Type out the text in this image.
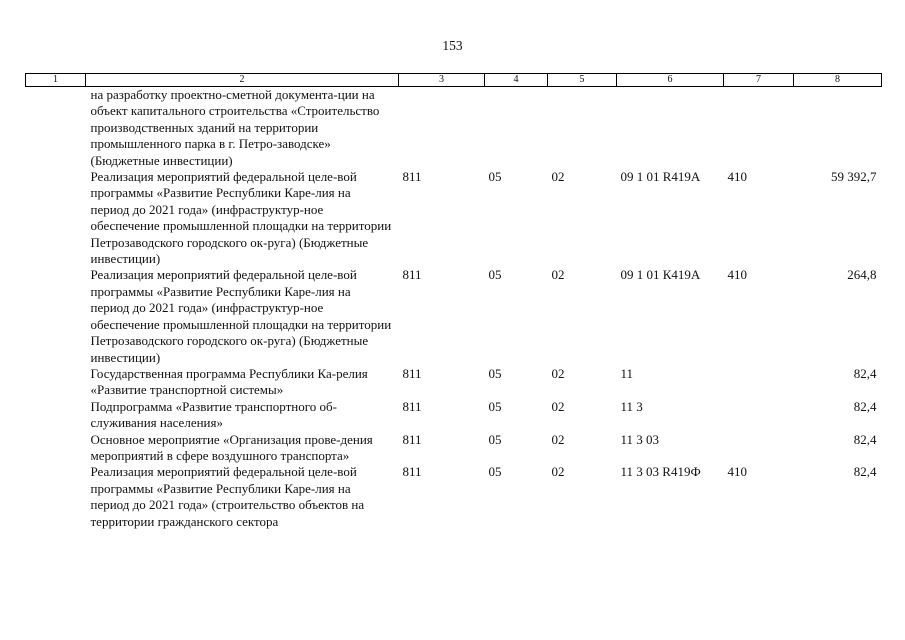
153
1	2	3	4	5	6	7	8
	на разработку проектно-сметной документа-ции на объект капитального строительства «Строительство производственных зданий на территории промышленного парка в г. Петро-заводске» (Бюджетные инвестиции)						
	Реализация мероприятий федеральной целе-вой программы «Развитие Республики Каре-лия на период до 2021 года» (инфраструктур-ное обеспечение промышленной площадки на территории Петрозаводского городского ок-руга) (Бюджетные инвестиции)	811	05	02	09 1 01 R419А	410	59 392,7
	Реализация мероприятий федеральной целе-вой программы «Развитие Республики Каре-лия на период до 2021 года» (инфраструктур-ное обеспечение промышленной площадки на территории Петрозаводского городского ок-руга) (Бюджетные инвестиции)	811	05	02	09 1 01 К419А	410	264,8
	Государственная программа Республики Ка-релия «Развитие транспортной системы»	811	05	02	11		82,4
	Подпрограмма «Развитие транспортного об-служивания населения»	811	05	02	11 3		82,4
	Основное мероприятие «Организация прове-дения мероприятий в сфере воздушного транспорта»	811	05	02	11 3 03		82,4
	Реализация мероприятий федеральной целе-вой программы «Развитие Республики Каре-лия на период до 2021 года» (строительство объектов на территории гражданского сектора	811	05	02	11 3 03 R419Ф	410	82,4
